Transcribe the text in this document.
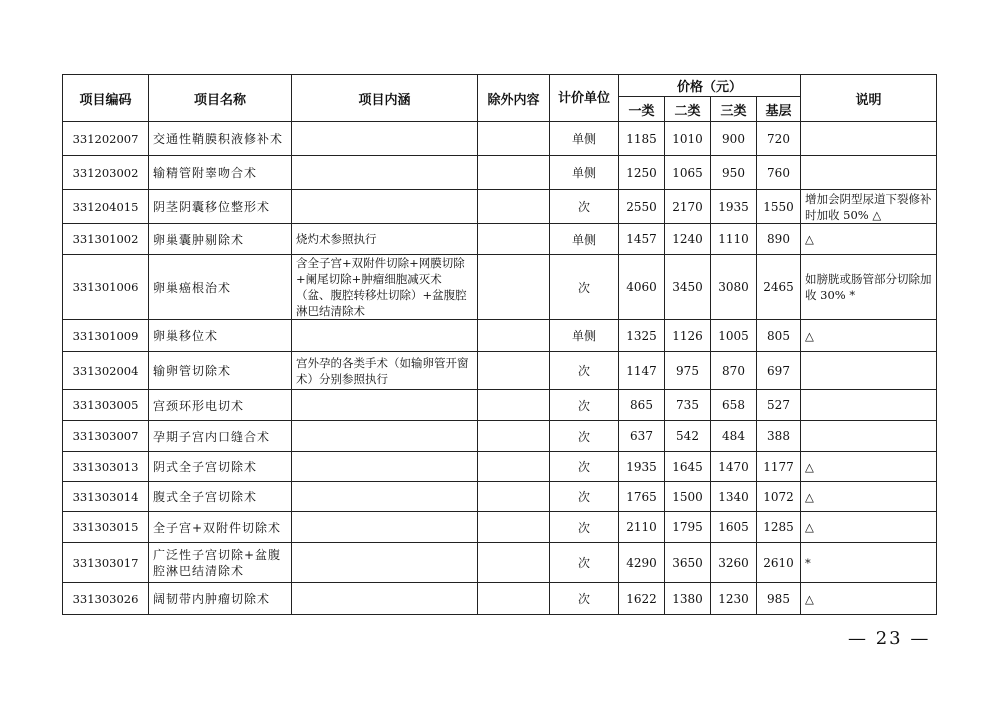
项目编码	项目名称	项目内涵	除外内容	计价单位	价格（元）				说明
					一类	二类	三类	基层	
331202007	交通性鞘膜积液修补术			单侧	1185	1010	900	720	
331203002	输精管附睾吻合术			单侧	1250	1065	950	760	
331204015	阴茎阴囊移位整形术			次	2550	2170	1935	1550	增加会阴型尿道下裂修补时加收 50% △
331301002	卵巢囊肿剔除术	烧灼术参照执行		单侧	1457	1240	1110	890	△
331301006	卵巢癌根治术	含全子宫+双附件切除+网膜切除+阑尾切除+肿瘤细胞减灭术（盆、腹腔转移灶切除）+盆腹腔淋巴结清除术		次	4060	3450	3080	2465	如膀胱或肠管部分切除加收 30% *
331301009	卵巢移位术			单侧	1325	1126	1005	805	△
331302004	输卵管切除术	宫外孕的各类手术（如输卵管开窗术）分别参照执行		次	1147	975	870	697	
331303005	宫颈环形电切术			次	865	735	658	527	
331303007	孕期子宫内口缝合术			次	637	542	484	388	
331303013	阴式全子宫切除术			次	1935	1645	1470	1177	△
331303014	腹式全子宫切除术			次	1765	1500	1340	1072	△
331303015	全子宫+双附件切除术			次	2110	1795	1605	1285	△
331303017	广泛性子宫切除+盆腹腔淋巴结清除术			次	4290	3650	3260	2610	*
331303026	阔韧带内肿瘤切除术			次	1622	1380	1230	985	△
— 23 —
